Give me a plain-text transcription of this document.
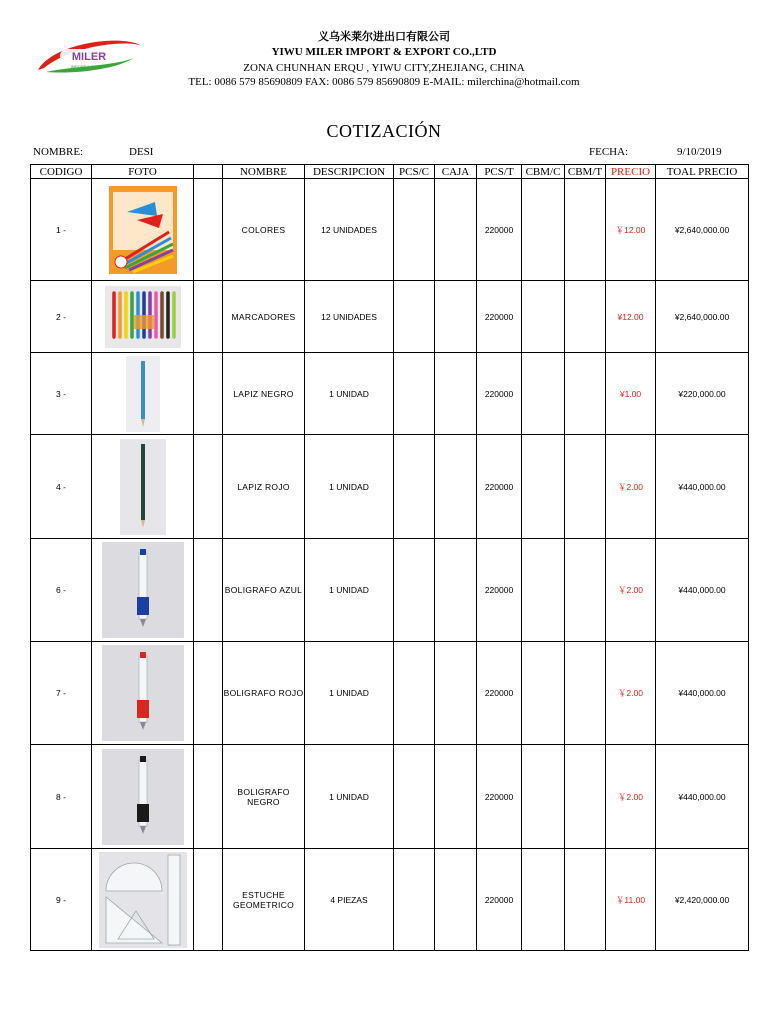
MILER
IMPORT & EXPORT
义乌米莱尔进出口有限公司
YIWU MILER IMPORT & EXPORT CO.,LTD
ZONA CHUNHAN ERQU , YIWU CITY,ZHEJIANG, CHINA
TEL: 0086 579 85690809 FAX: 0086 579 85690809 E-MAIL: milerchina@hotmail.com
COTIZACIÓN
NOMBRE:	DESI	FECHA:	9/10/2019
CODIGO	FOTO		NOMBRE	DESCRIPCION	PCS/C	CAJA	PCS/T	CBM/C	CBM/T	PRECIO	TOAL PRECIO
1 -			COLORES	12 UNIDADES			220000			￥12.00	¥2,640,000.00
2 -			MARCADORES	12 UNIDADES			220000			¥12.00	¥2,640,000.00
3 -			LAPIZ NEGRO	1 UNIDAD			220000			¥1.00	¥220,000.00
4 -			LAPIZ ROJO	1 UNIDAD			220000			￥2.00	¥440,000.00
6 -			BOLIGRAFO AZUL	1 UNIDAD			220000			￥2.00	¥440,000.00
7 -			BOLIGRAFO ROJO	1 UNIDAD			220000			￥2.00	¥440,000.00
8 -			BOLIGRAFO NEGRO	1 UNIDAD			220000			￥2.00	¥440,000.00
9 -			ESTUCHE GEOMETRICO	4 PIEZAS			220000			￥11.00	¥2,420,000.00
